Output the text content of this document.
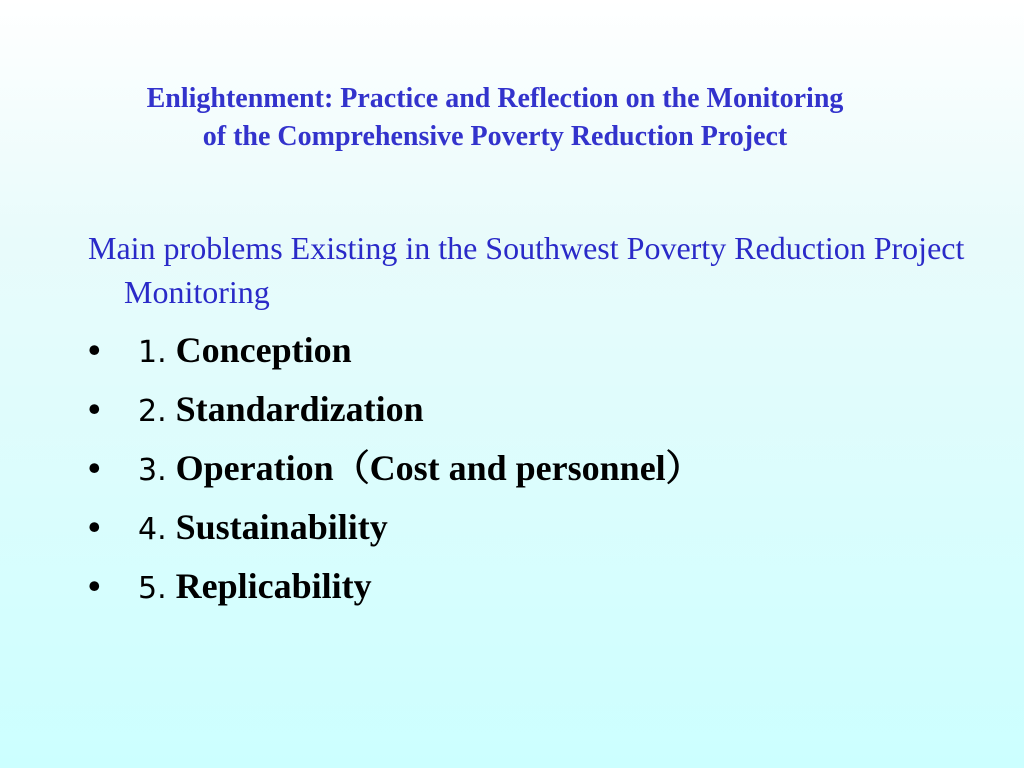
Enlightenment: Practice and Reflection on the Monitoring
of the Comprehensive Poverty Reduction Project
Main problems Existing in the Southwest Poverty Reduction Project Monitoring
• 1. Conception
• 2. Standardization
• 3. Operation（Cost and personnel）
• 4. Sustainability
• 5. Replicability
